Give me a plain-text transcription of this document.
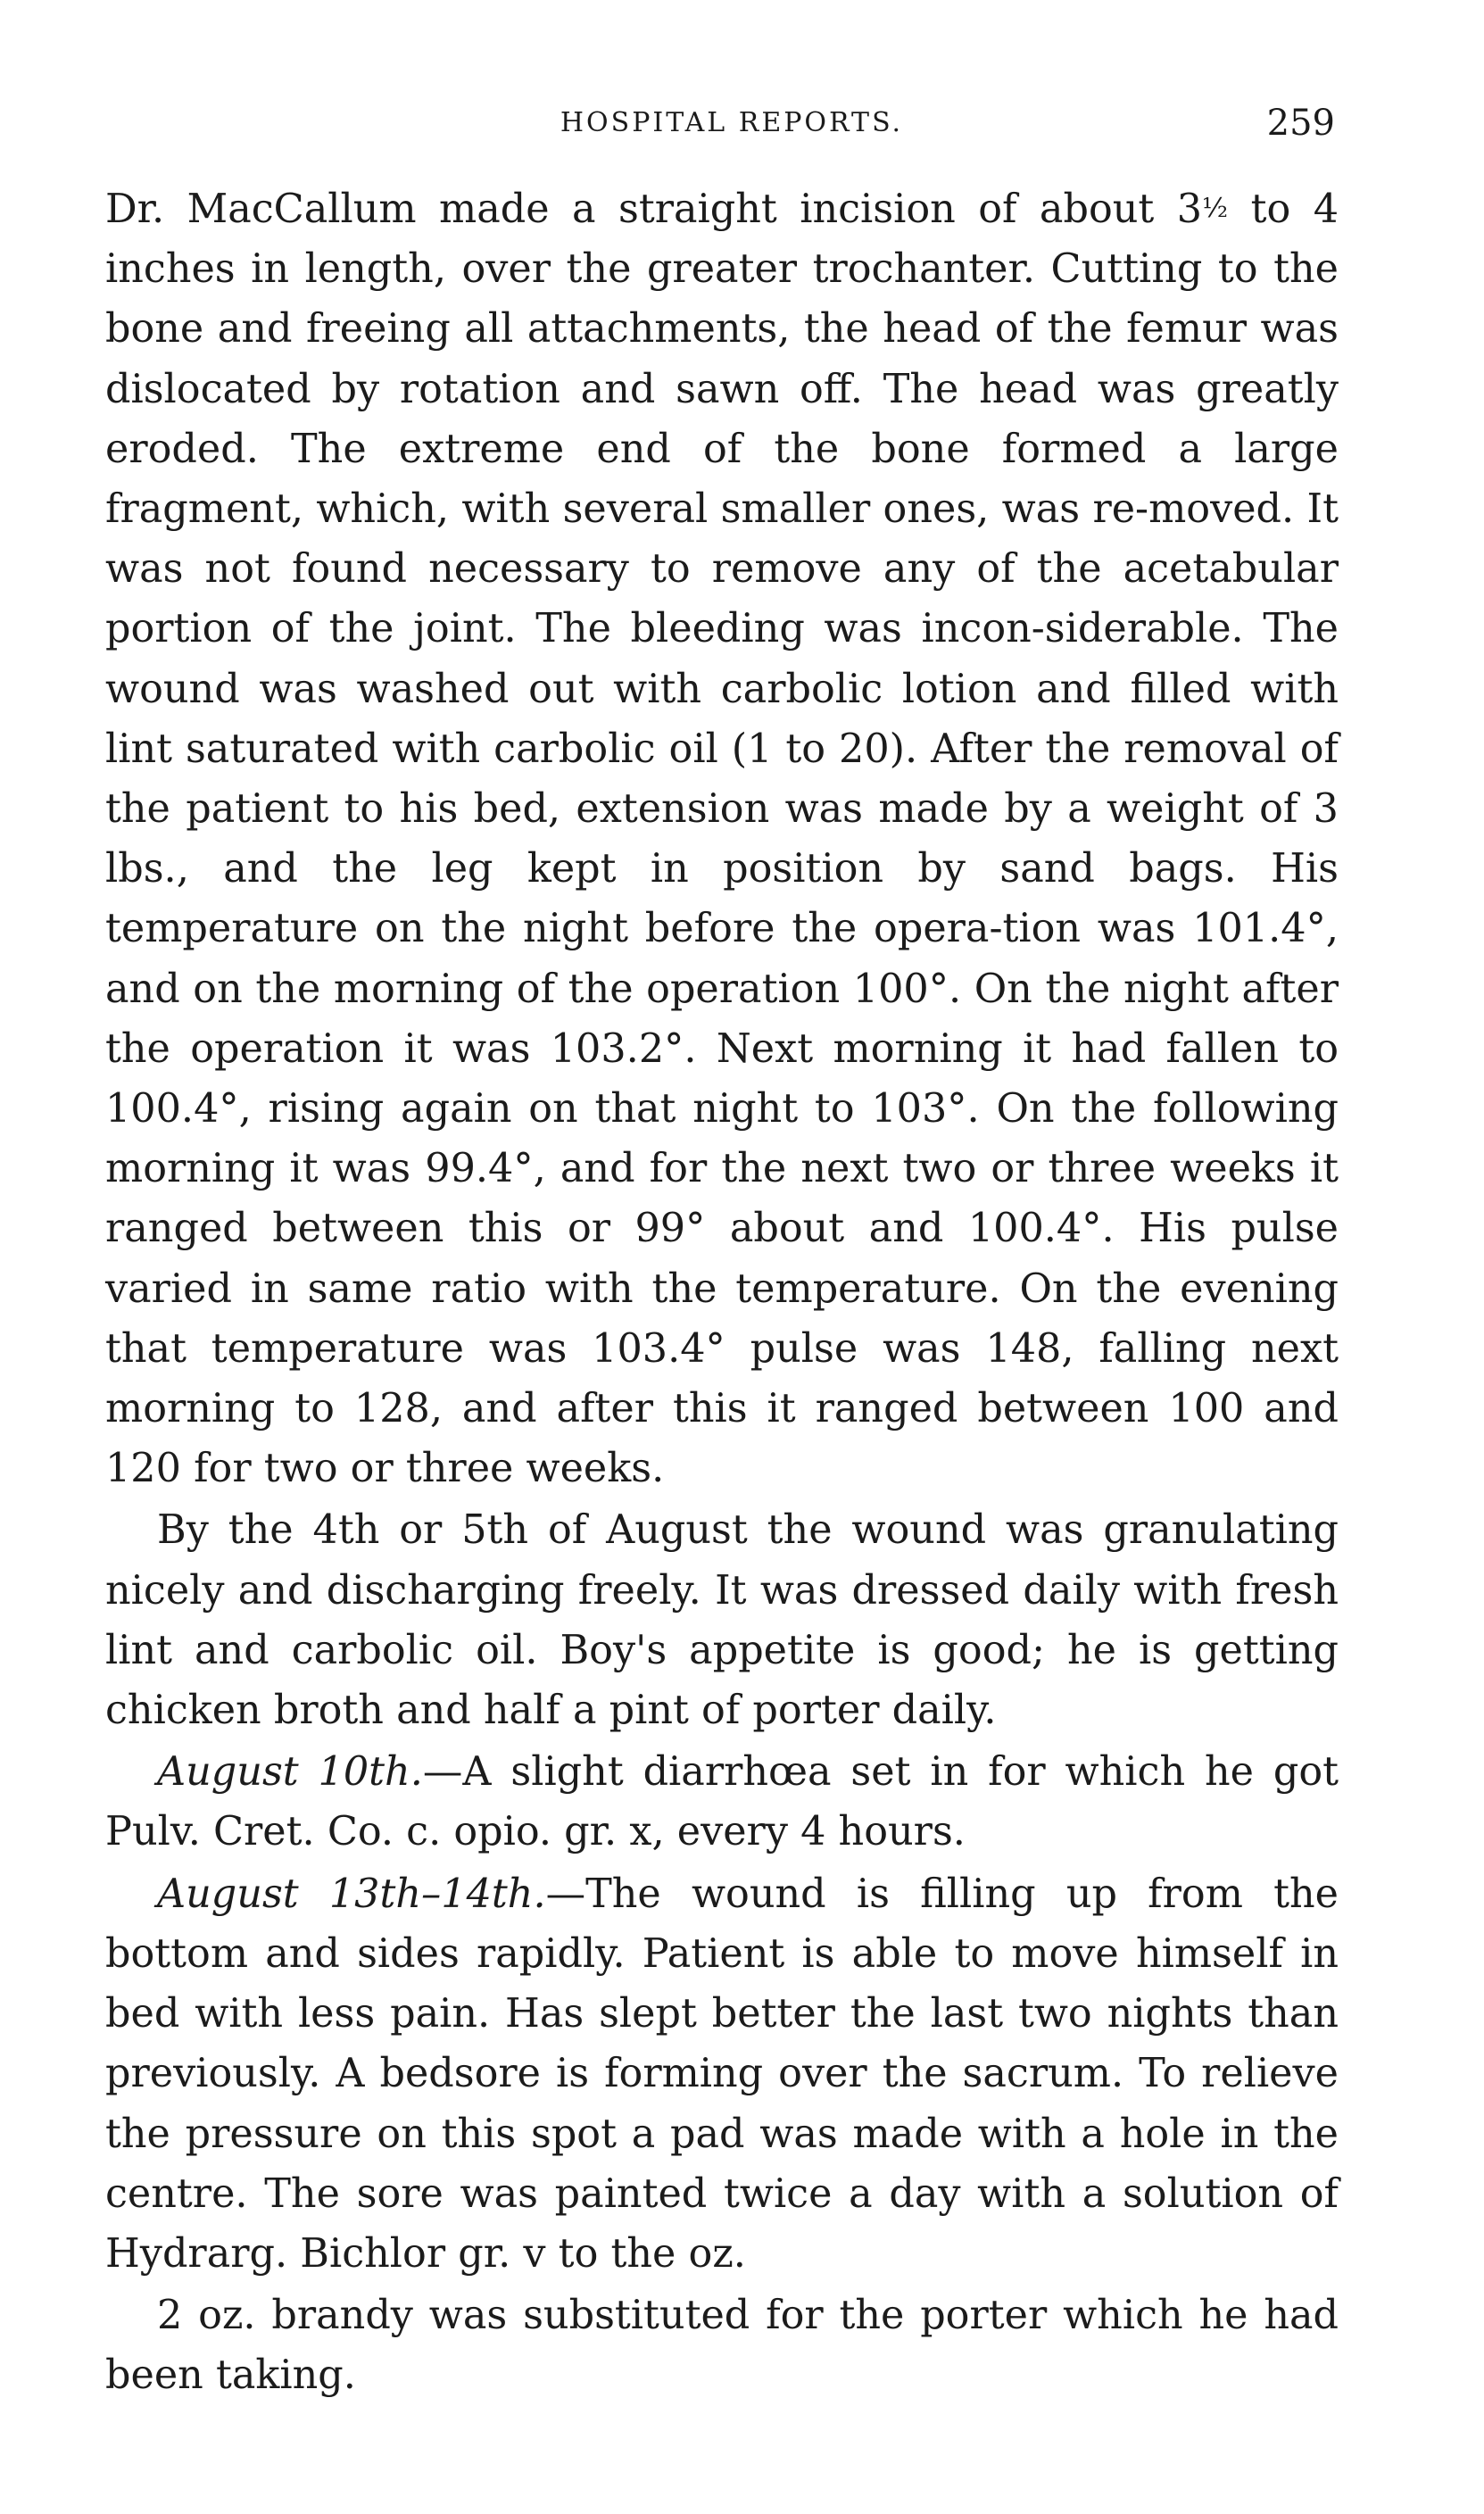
HOSPITAL REPORTS.	259

Dr. MacCallum made a straight incision of about 3½ to 4 inches in length, over the greater trochanter. Cutting to the bone and freeing all attachments, the head of the femur was dislocated by rotation and sawn off. The head was greatly eroded. The extreme end of the bone formed a large fragment, which, with several smaller ones, was re-moved. It was not found necessary to remove any of the acetabular portion of the joint. The bleeding was incon-siderable. The wound was washed out with carbolic lotion and filled with lint saturated with carbolic oil (1 to 20). After the removal of the patient to his bed, extension was made by a weight of 3 lbs., and the leg kept in position by sand bags. His temperature on the night before the opera-tion was 101.4°, and on the morning of the operation 100°. On the night after the operation it was 103.2°. Next morning it had fallen to 100.4°, rising again on that night to 103°. On the following morning it was 99.4°, and for the next two or three weeks it ranged between this or 99° about and 100.4°. His pulse varied in same ratio with the temperature. On the evening that temperature was 103.4° pulse was 148, falling next morning to 128, and after this it ranged between 100 and 120 for two or three weeks.

By the 4th or 5th of August the wound was granulating nicely and discharging freely. It was dressed daily with fresh lint and carbolic oil. Boy's appetite is good; he is getting chicken broth and half a pint of porter daily.

August 10th.—A slight diarrhœa set in for which he got Pulv. Cret. Co. c. opio. gr. x, every 4 hours.

August 13th–14th.—The wound is filling up from the bottom and sides rapidly. Patient is able to move himself in bed with less pain. Has slept better the last two nights than previously. A bedsore is forming over the sacrum. To relieve the pressure on this spot a pad was made with a hole in the centre. The sore was painted twice a day with a solution of Hydrarg. Bichlor gr. v to the oz.

2 oz. brandy was substituted for the porter which he had been taking.
